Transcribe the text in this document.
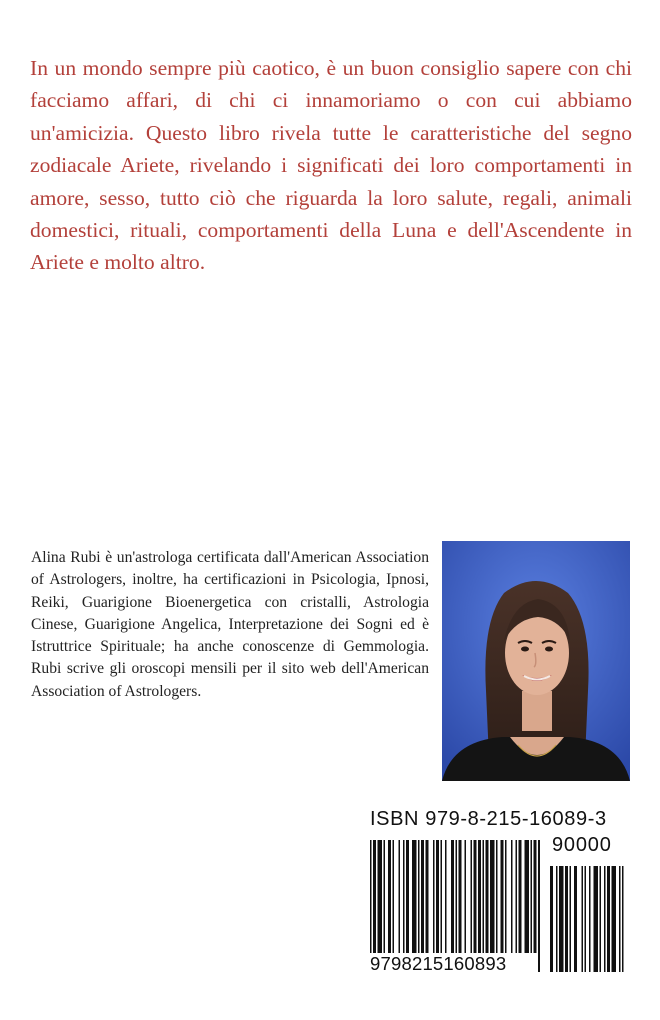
In un mondo sempre più caotico, è un buon consiglio sapere con chi facciamo affari, di chi ci innamoriamo o con cui abbiamo un'amicizia. Questo libro rivela tutte le caratteristiche del segno zodiacale Ariete, rivelando i significati dei loro comportamenti in amore, sesso, tutto ciò che riguarda la loro salute, regali, animali domestici, rituali, comportamenti della Luna e dell'Ascendente in Ariete e molto altro.

Alina Rubi è un'astrologa certificata dall'American Association of Astrologers, inoltre, ha certificazioni in Psicologia, Ipnosi, Reiki, Guarigione Bioenergetica con cristalli, Astrologia Cinese, Guarigione Angelica, Interpretazione dei Sogni ed è Istruttrice Spirituale; ha anche conoscenze di Gemmologia. Rubi scrive gli oroscopi mensili per il sito web dell'American Association of Astrologers.

ISBN 979-8-215-16089-3
9798215160893
90000
